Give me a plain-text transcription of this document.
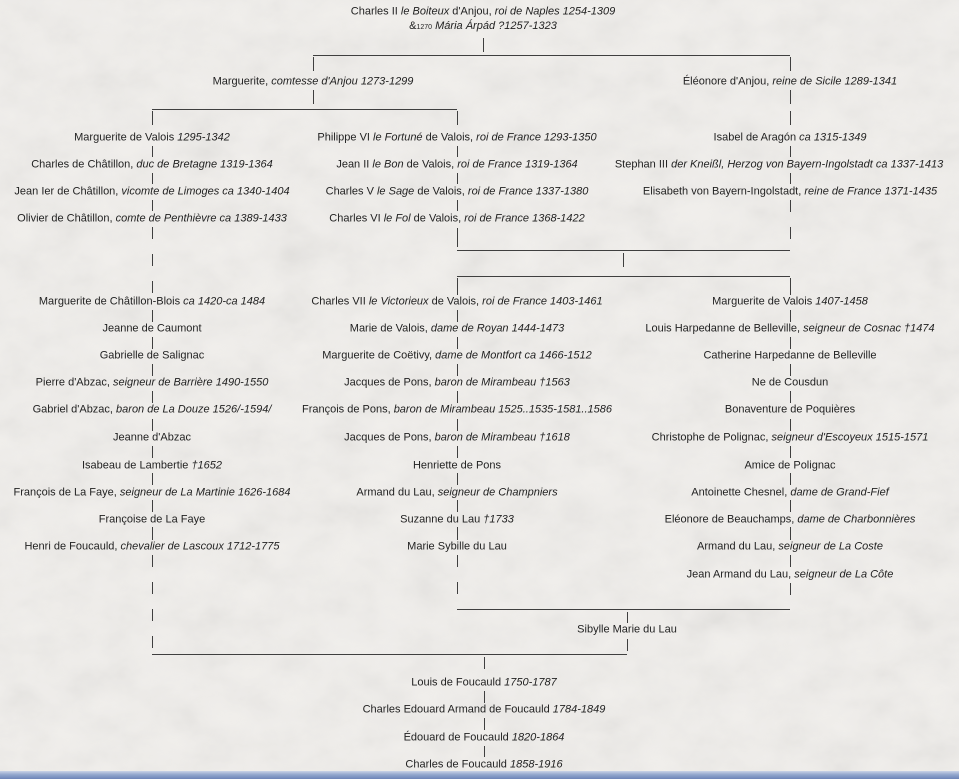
Charles II le Boiteux d'Anjou, roi de Naples 1254-1309
&1270 Mária Árpád ?1257-1323
Marguerite, comtesse d'Anjou 1273-1299	Éléonore d'Anjou, reine de Sicile 1289-1341
Marguerite de Valois 1295-1342
Charles de Châtillon, duc de Bretagne 1319-1364
Jean Ier de Châtillon, vicomte de Limoges ca 1340-1404
Olivier de Châtillon, comte de Penthièvre ca 1389-1433
Philippe VI le Fortuné de Valois, roi de France 1293-1350
Jean II le Bon de Valois, roi de France 1319-1364
Charles V le Sage de Valois, roi de France 1337-1380
Charles VI le Fol de Valois, roi de France 1368-1422
Isabel de Aragón ca 1315-1349
Stephan III der Kneißl, Herzog von Bayern-Ingolstadt ca 1337-1413
Elisabeth von Bayern-Ingolstadt, reine de France 1371-1435
Marguerite de Châtillon-Blois ca 1420-ca 1484
Jeanne de Caumont
Gabrielle de Salignac
Pierre d'Abzac, seigneur de Barrière 1490-1550
Gabriel d'Abzac, baron de La Douze 1526/-1594/
Jeanne d'Abzac
Isabeau de Lambertie †1652
François de La Faye, seigneur de La Martinie 1626-1684
Françoise de La Faye
Henri de Foucauld, chevalier de Lascoux 1712-1775
Charles VII le Victorieux de Valois, roi de France 1403-1461
Marie de Valois, dame de Royan 1444-1473
Marguerite de Coëtivy, dame de Montfort ca 1466-1512
Jacques de Pons, baron de Mirambeau †1563
François de Pons, baron de Mirambeau 1525..1535-1581..1586
Jacques de Pons, baron de Mirambeau †1618
Henriette de Pons
Armand du Lau, seigneur de Champniers
Suzanne du Lau †1733
Marie Sybille du Lau
Marguerite de Valois 1407-1458
Louis Harpedanne de Belleville, seigneur de Cosnac †1474
Catherine Harpedanne de Belleville
Ne de Cousdun
Bonaventure de Poquières
Christophe de Polignac, seigneur d'Escoyeux 1515-1571
Amice de Polignac
Antoinette Chesnel, dame de Grand-Fief
Eléonore de Beauchamps, dame de Charbonnières
Armand du Lau, seigneur de La Coste
Jean Armand du Lau, seigneur de La Côte
Sibylle Marie du Lau
Louis de Foucauld 1750-1787
Charles Edouard Armand de Foucauld 1784-1849
Édouard de Foucauld 1820-1864
Charles de Foucauld 1858-1916
